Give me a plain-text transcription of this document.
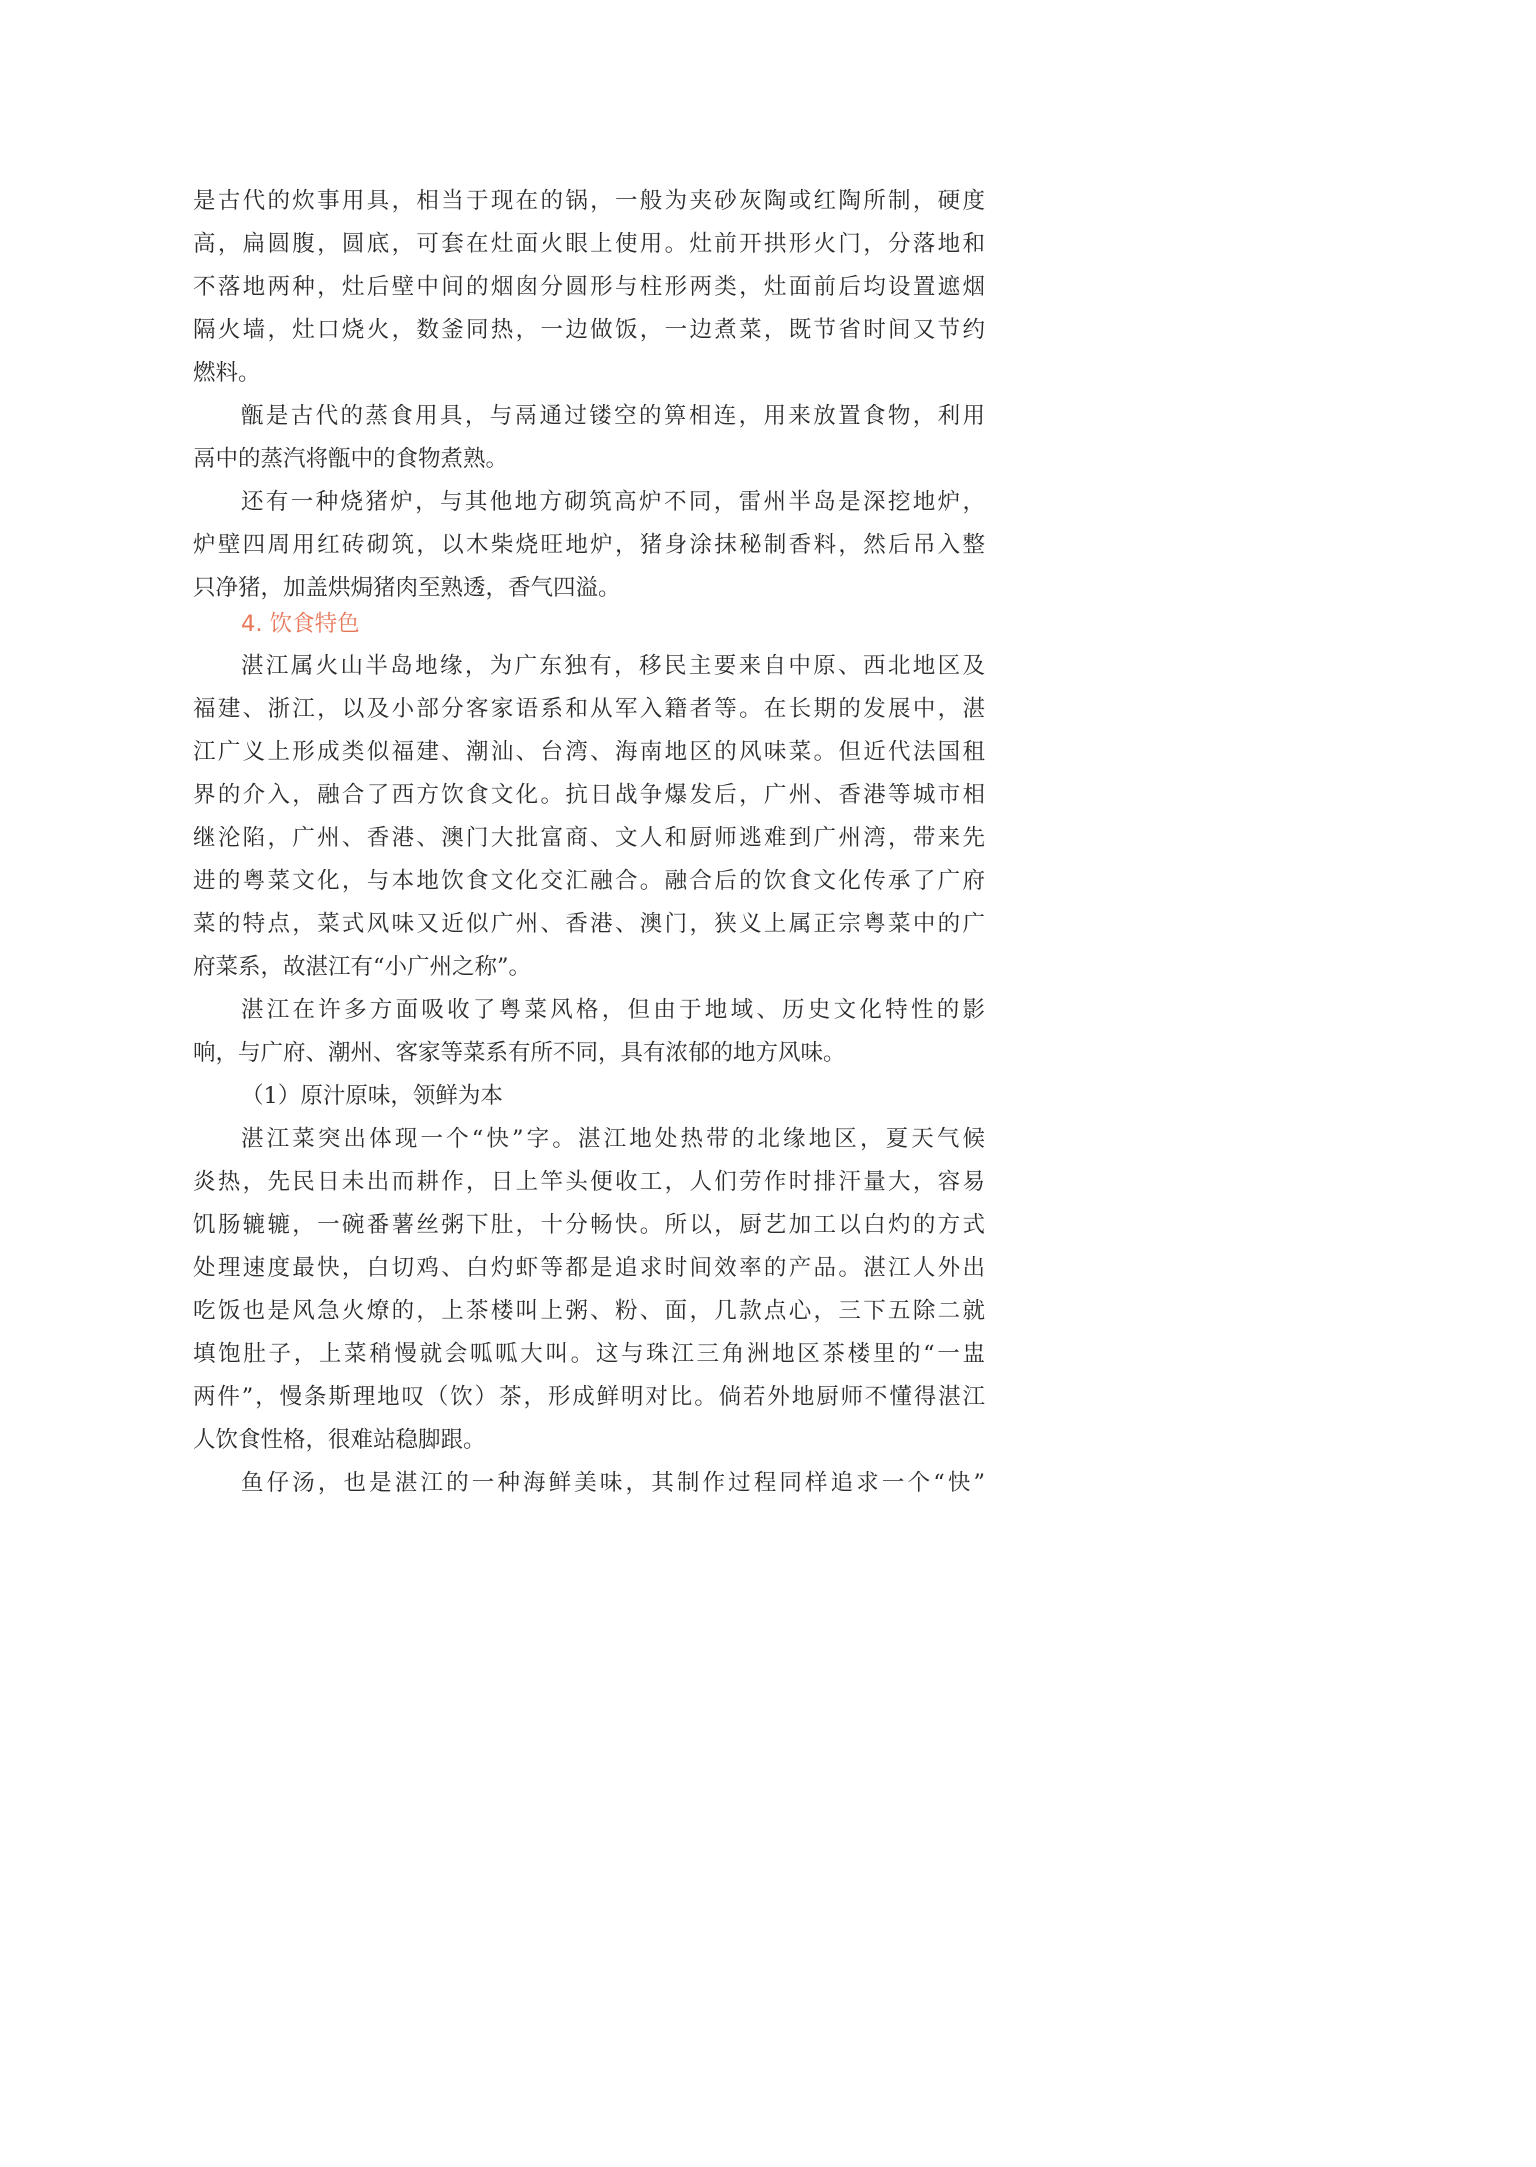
是古代的炊事用具，相当于现在的锅，一般为夹砂灰陶或红陶所制，硬度

高，扁圆腹，圆底，可套在灶面火眼上使用。灶前开拱形火门，分落地和

不落地两种，灶后壁中间的烟囱分圆形与柱形两类，灶面前后均设置遮烟

隔火墙，灶口烧火，数釜同热，一边做饭，一边煮菜，既节省时间又节约

燃料。

甑是古代的蒸食用具，与鬲通过镂空的箅相连，用来放置食物，利用

鬲中的蒸汽将甑中的食物煮熟。

还有一种烧猪炉，与其他地方砌筑高炉不同，雷州半岛是深挖地炉，

炉壁四周用红砖砌筑，以木柴烧旺地炉，猪身涂抹秘制香料，然后吊入整

只净猪，加盖烘焗猪肉至熟透，香气四溢。

4. 饮食特色

湛江属火山半岛地缘，为广东独有，移民主要来自中原、西北地区及

福建、浙江，以及小部分客家语系和从军入籍者等。在长期的发展中，湛

江广义上形成类似福建、潮汕、台湾、海南地区的风味菜。但近代法国租

界的介入，融合了西方饮食文化。抗日战争爆发后，广州、香港等城市相

继沦陷，广州、香港、澳门大批富商、文人和厨师逃难到广州湾，带来先

进的粤菜文化，与本地饮食文化交汇融合。融合后的饮食文化传承了广府

菜的特点，菜式风味又近似广州、香港、澳门，狭义上属正宗粤菜中的广

府菜系，故湛江有“小广州之称”。

湛江在许多方面吸收了粤菜风格，但由于地域、历史文化特性的影

响，与广府、潮州、客家等菜系有所不同，具有浓郁的地方风味。

（1）原汁原味，领鲜为本

湛江菜突出体现一个“快”字。湛江地处热带的北缘地区，夏天气候

炎热，先民日未出而耕作，日上竿头便收工，人们劳作时排汗量大，容易

饥肠辘辘，一碗番薯丝粥下肚，十分畅快。所以，厨艺加工以白灼的方式

处理速度最快，白切鸡、白灼虾等都是追求时间效率的产品。湛江人外出

吃饭也是风急火燎的，上茶楼叫上粥、粉、面，几款点心，三下五除二就

填饱肚子，上菜稍慢就会呱呱大叫。这与珠江三角洲地区茶楼里的“一盅

两件”，慢条斯理地叹（饮）茶，形成鲜明对比。倘若外地厨师不懂得湛江

人饮食性格，很难站稳脚跟。

鱼仔汤，也是湛江的一种海鲜美味，其制作过程同样追求一个“快”
